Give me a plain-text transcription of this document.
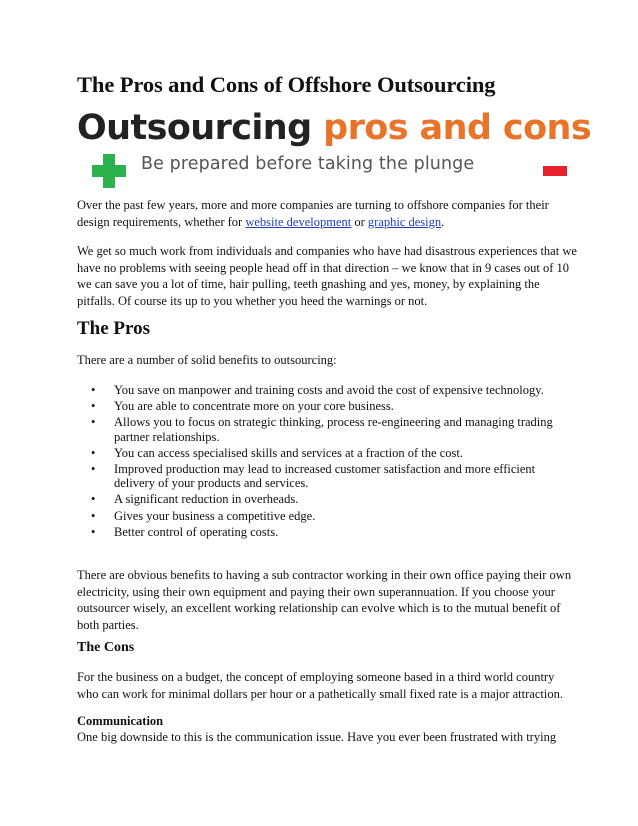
The Pros and Cons of Offshore Outsourcing

Outsourcing pros and cons

Be prepared before taking the plunge

Over the past few years, more and more companies are turning to offshore companies for their design requirements, whether for website development or graphic design.

We get so much work from individuals and companies who have had disastrous experiences that we have no problems with seeing people head off in that direction – we know that in 9 cases out of 10 we can save you a lot of time, hair pulling, teeth gnashing and yes, money, by explaining the pitfalls. Of course its up to you whether you heed the warnings or not.

The Pros

There are a number of solid benefits to outsourcing:

• You save on manpower and training costs and avoid the cost of expensive technology.
• You are able to concentrate more on your core business.
• Allows you to focus on strategic thinking, process re-engineering and managing trading partner relationships.
• You can access specialised skills and services at a fraction of the cost.
• Improved production may lead to increased customer satisfaction and more efficient delivery of your products and services.
• A significant reduction in overheads.
• Gives your business a competitive edge.
• Better control of operating costs.

There are obvious benefits to having a sub contractor working in their own office paying their own electricity, using their own equipment and paying their own superannuation. If you choose your outsourcer wisely, an excellent working relationship can evolve which is to the mutual benefit of both parties.

The Cons

For the business on a budget, the concept of employing someone based in a third world country who can work for minimal dollars per hour or a pathetically small fixed rate is a major attraction.

Communication

One big downside to this is the communication issue. Have you ever been frustrated with trying
